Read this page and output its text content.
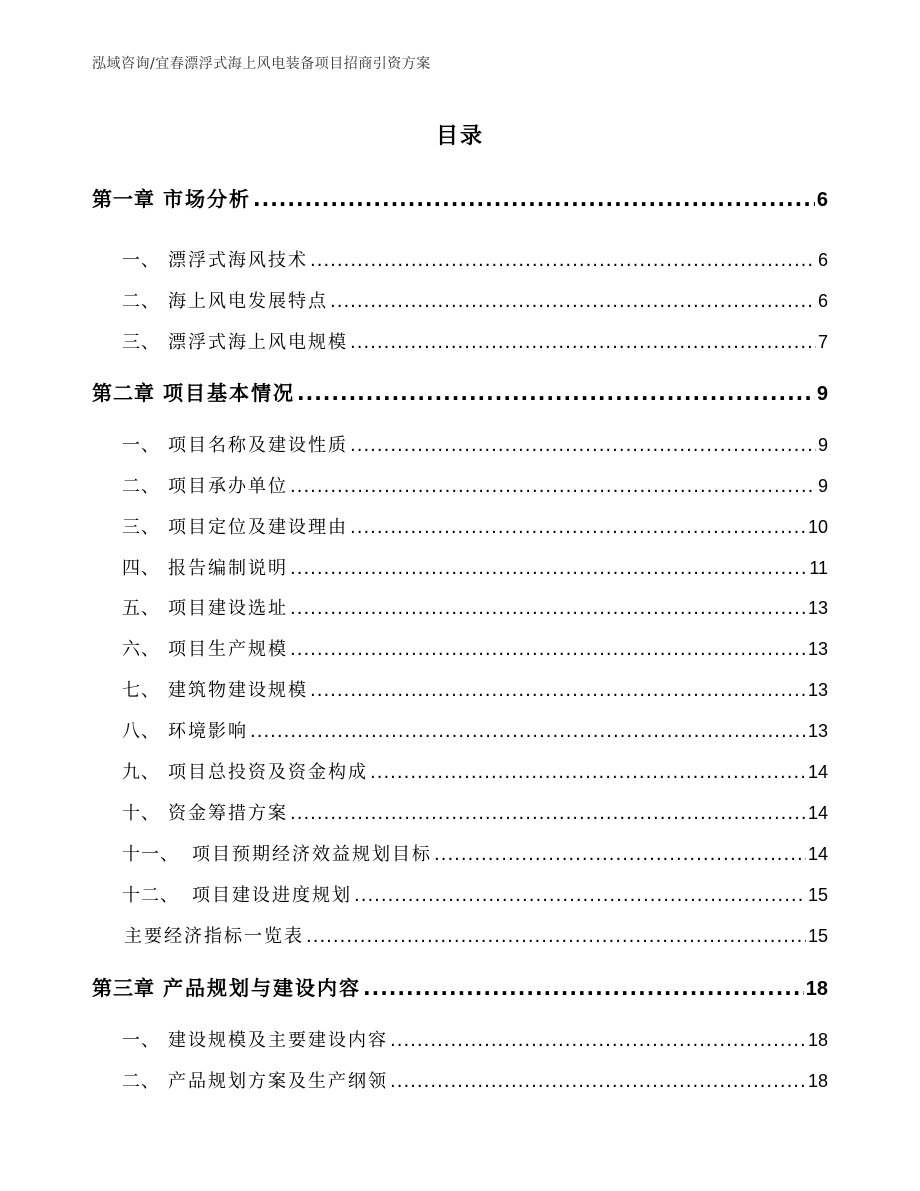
泓域咨询/宜春漂浮式海上风电装备项目招商引资方案
目录
第一章 市场分析 .....	6
一、 漂浮式海风技术 .....	6
二、 海上风电发展特点 .....	6
三、 漂浮式海上风电规模 .....	7
第二章 项目基本情况 .....	9
一、 项目名称及建设性质 .....	9
二、 项目承办单位 .....	9
三、 项目定位及建设理由 .....	10
四、 报告编制说明 .....	11
五、 项目建设选址 .....	13
六、 项目生产规模 .....	13
七、 建筑物建设规模 .....	13
八、 环境影响 .....	13
九、 项目总投资及资金构成 .....	14
十、 资金筹措方案 .....	14
十一、 项目预期经济效益规划目标 .....	14
十二、 项目建设进度规划 .....	15
主要经济指标一览表 .....	15
第三章 产品规划与建设内容 .....	18
一、 建设规模及主要建设内容 .....	18
二、 产品规划方案及生产纲领 .....	18
